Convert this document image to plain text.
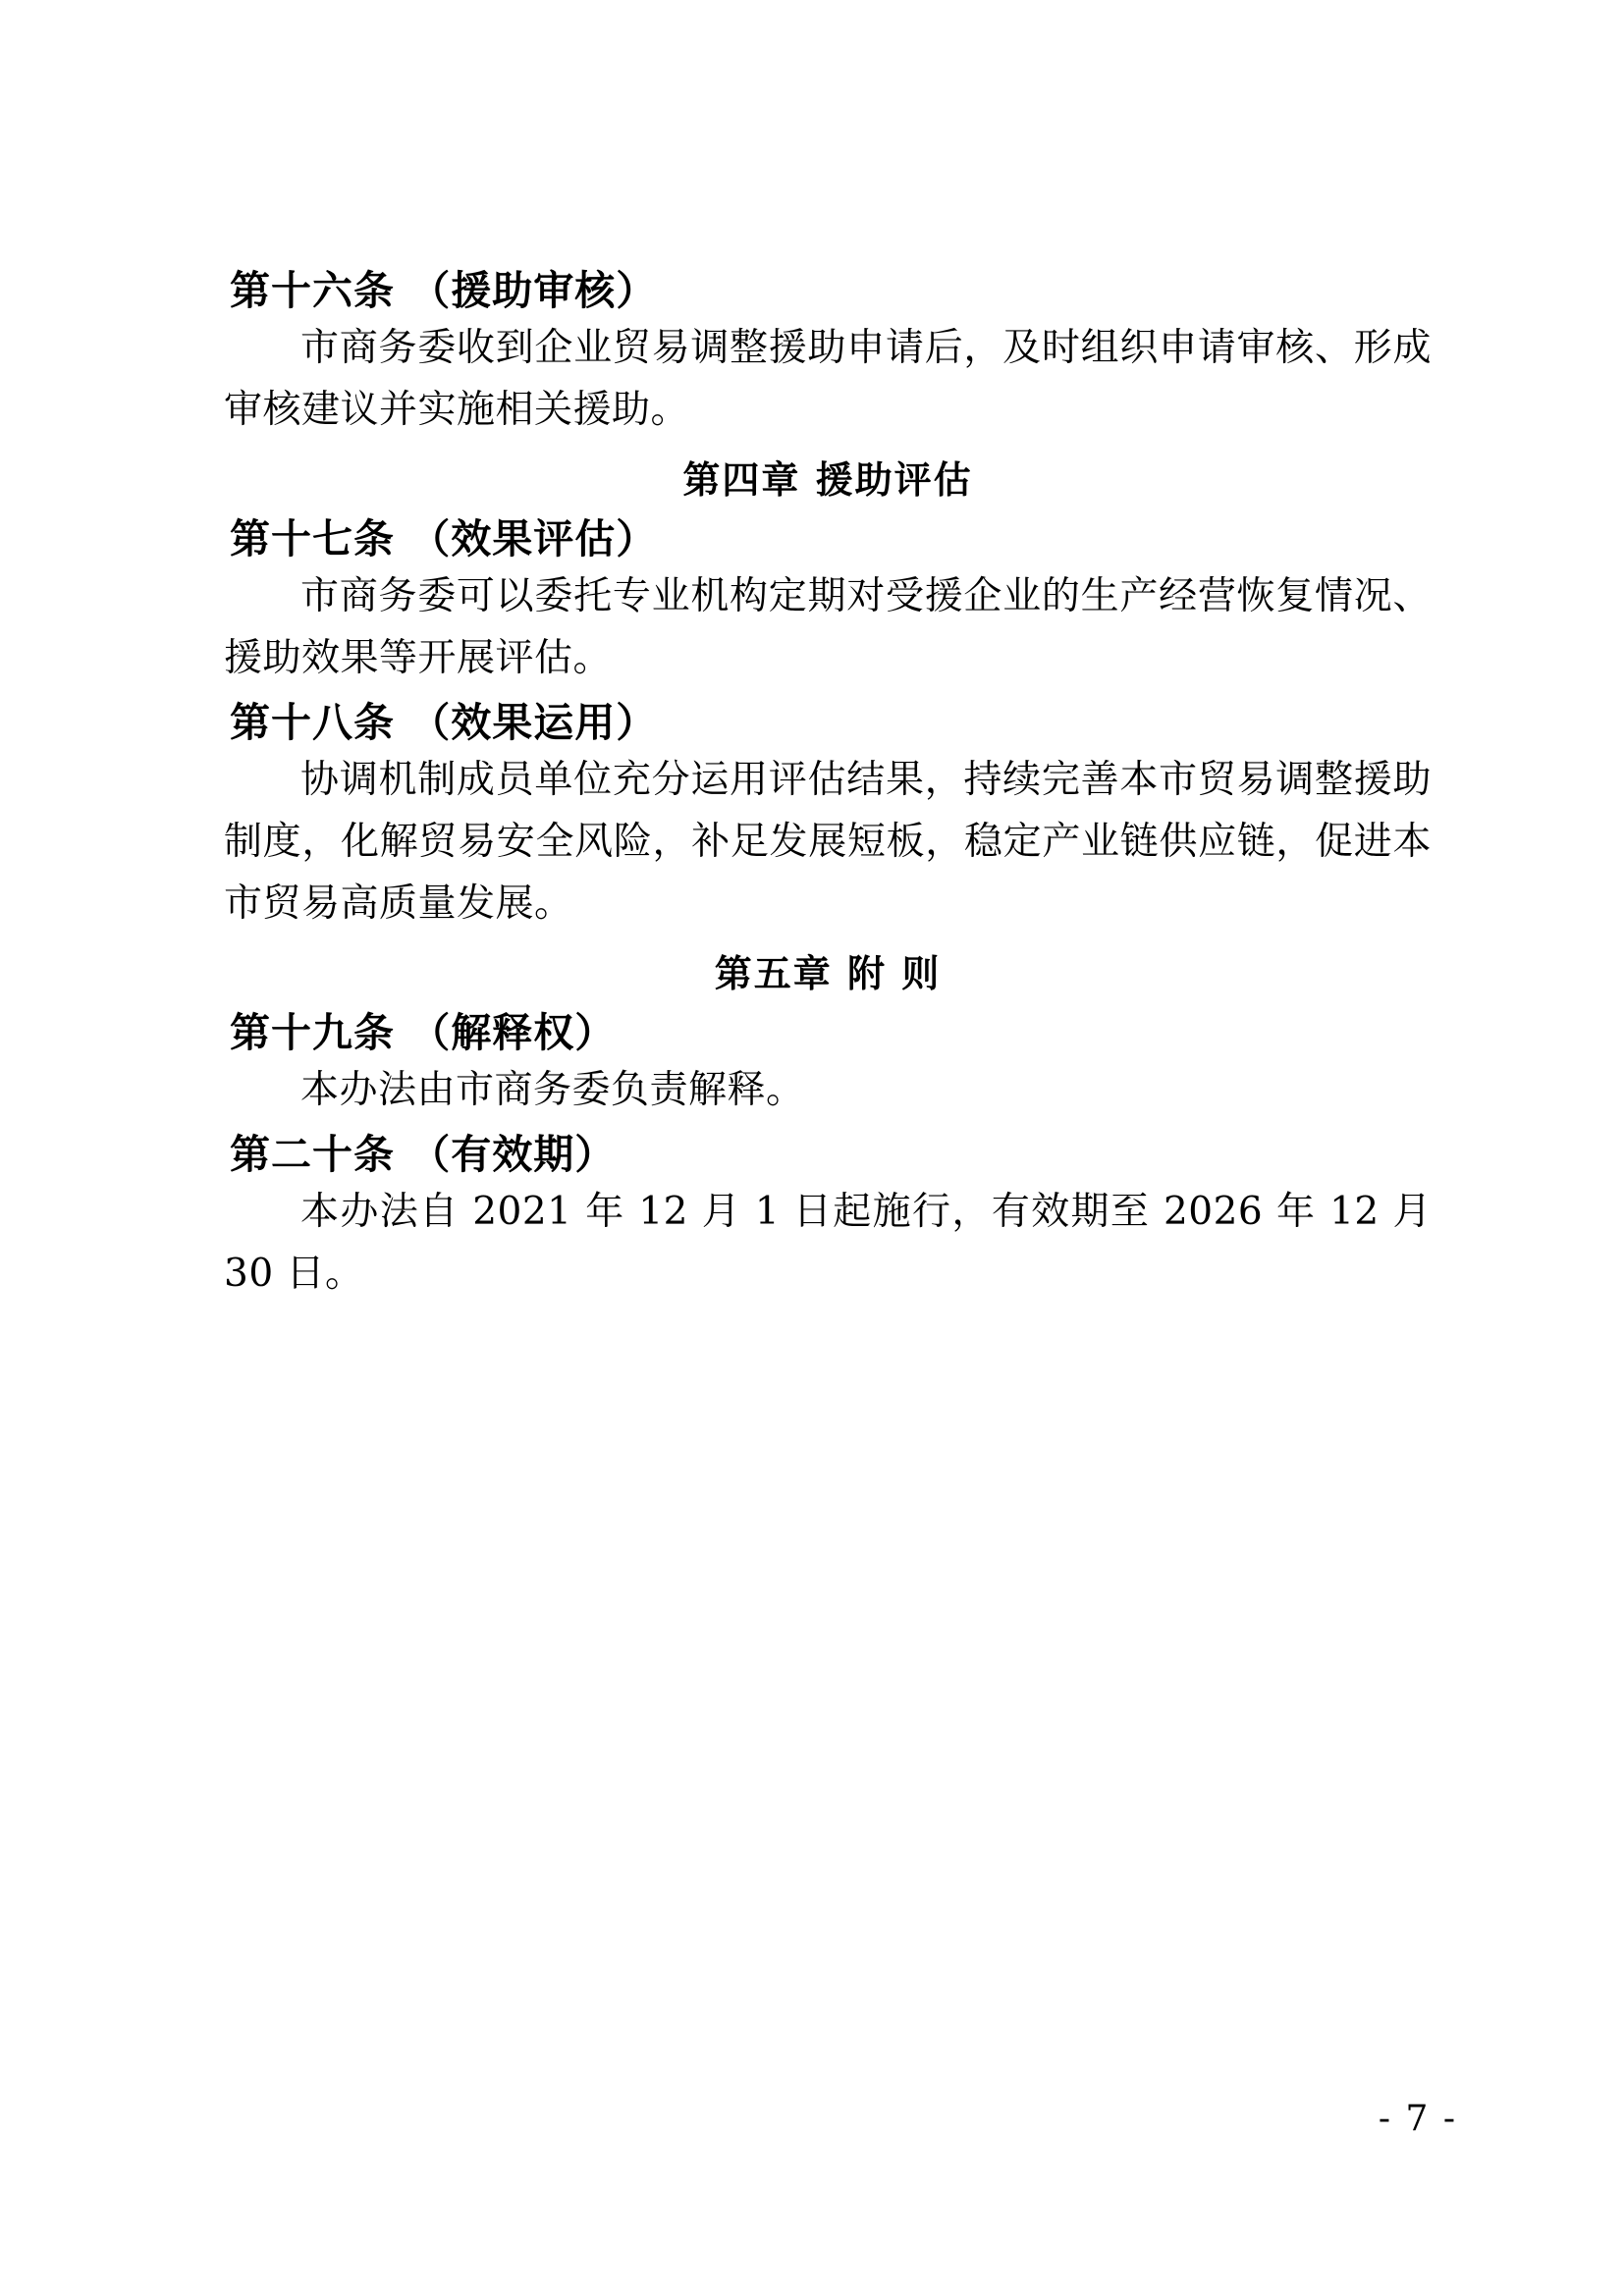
第十六条 （援助审核）
市商务委收到企业贸易调整援助申请后，及时组织申请审核、形成审核建议并实施相关援助。
第四章 援助评估
第十七条 （效果评估）
市商务委可以委托专业机构定期对受援企业的生产经营恢复情况、援助效果等开展评估。
第十八条 （效果运用）
协调机制成员单位充分运用评估结果，持续完善本市贸易调整援助制度，化解贸易安全风险，补足发展短板，稳定产业链供应链，促进本市贸易高质量发展。
第五章 附 则
第十九条 （解释权）
本办法由市商务委负责解释。
第二十条 （有效期）
本办法自 2021 年 12 月 1 日起施行，有效期至 2026 年 12 月 30 日。
- 7 -
